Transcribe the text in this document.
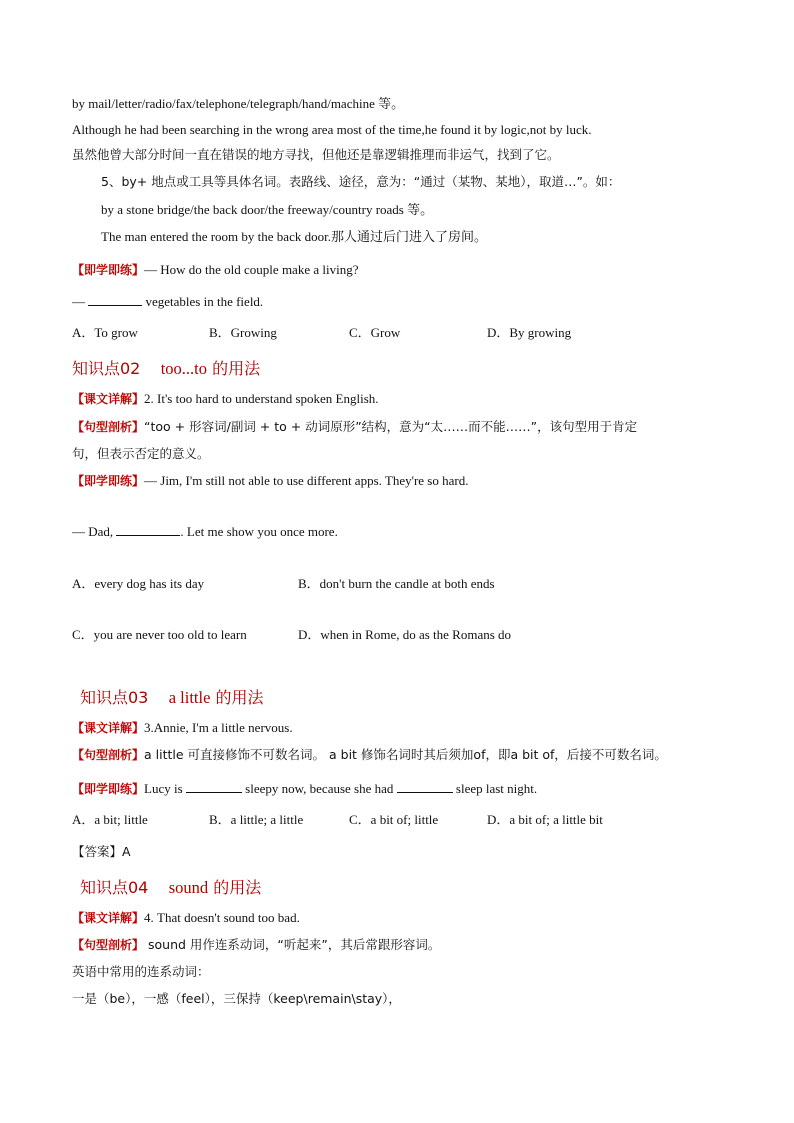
by mail/letter/radio/fax/telephone/telegraph/hand/machine 等。
Although he had been searching in the wrong area most of the time,he found it by logic,not by luck.
虽然他曾大部分时间一直在错误的地方寻找，但他还是靠逻辑推理而非运气，找到了它。
5、by+ 地点或工具等具体名词。表路线、途径，意为：“通过（某物、某地），取道…”。如：
by a stone bridge/the back door/the freeway/country roads 等。
The man entered the room by the back door.那人通过后门进入了房间。
【即学即练】— How do the old couple make a living?
—	vegetables in the field.
A．To grow	B．Growing	C．Grow	D．By growing
知识点02 too...to 的用法
【课文详解】2. It's too hard to understand spoken English.
【句型剖析】“too + 形容词/副词 + to + 动词原形”结构，意为“太……而不能……”，该句型用于肯定
句，但表示否定的意义。
【即学即练】— Jim, I'm still not able to use different apps. They're so hard.
— Dad,	. Let me show you once more.
A．every dog has its day	B．don't burn the candle at both ends
C．you are never too old to learn	D．when in Rome, do as the Romans do
知识点03 a little 的用法
【课文详解】3.Annie, I'm a little nervous.
【句型剖析】a little 可直接修饰不可数名词。 a bit 修饰名词时其后须加of，即a bit of，后接不可数名词。
【即学即练】Lucy is	sleepy now, because she had	sleep last night.
A．a bit; little	B．a little; a little	C．a bit of; little	D．a bit of; a little bit
【答案】A
知识点04 sound 的用法
【课文详解】4. That doesn't sound too bad.
【句型剖析】 sound 用作连系动词，“听起来”，其后常跟形容词。
英语中常用的连系动词：
一是（be），一感（feel），三保持（keep\remain\stay），
